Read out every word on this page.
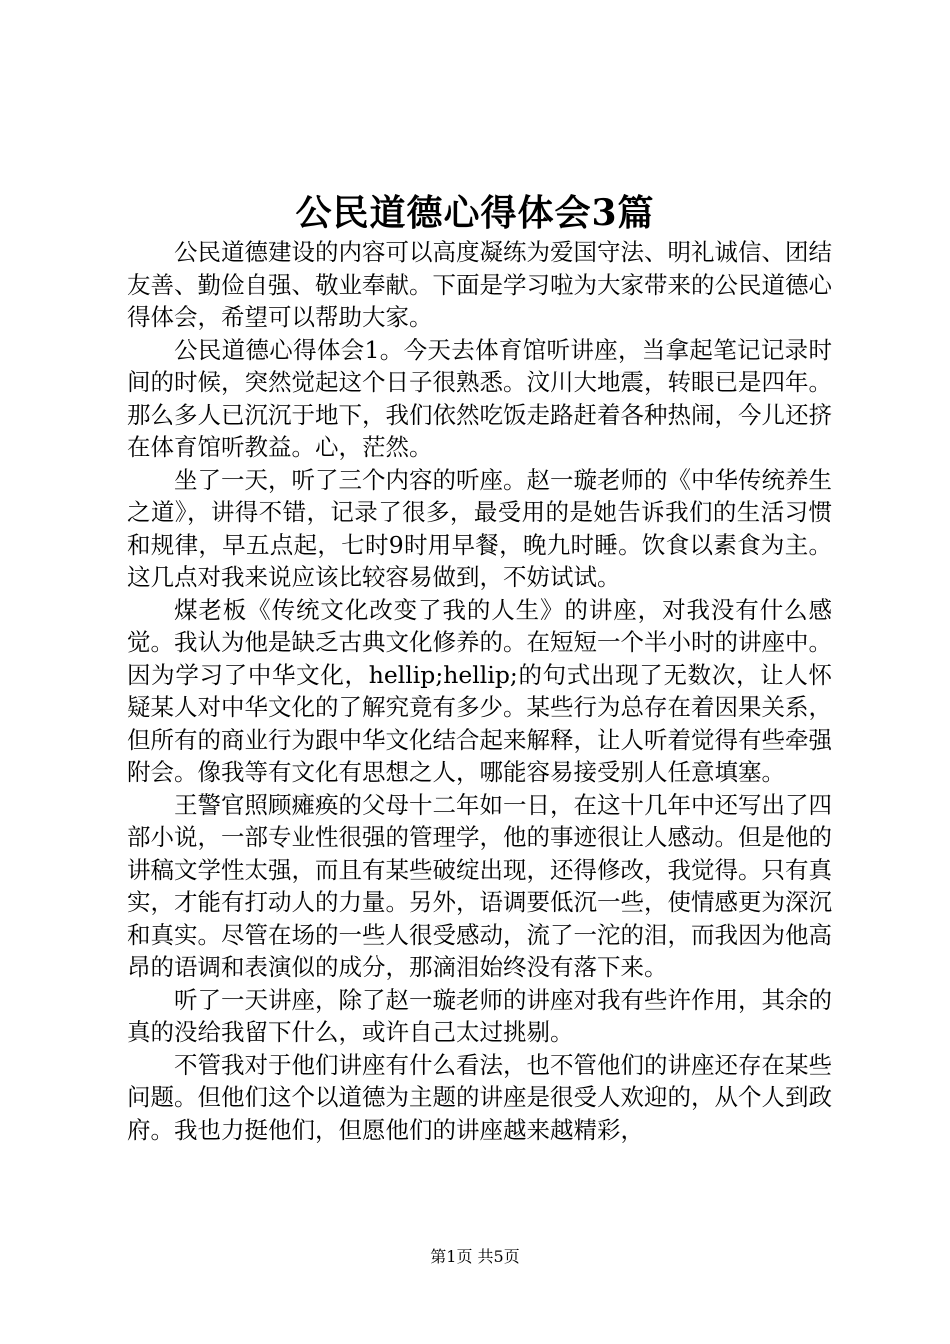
公民道德心得体会3篇

公民道德建设的内容可以高度凝练为爱国守法、明礼诚信、团结友善、勤俭自强、敬业奉献。下面是学习啦为大家带来的公民道德心得体会，希望可以帮助大家。

公民道德心得体会1。今天去体育馆听讲座，当拿起笔记记录时间的时候，突然觉起这个日子很熟悉。汶川大地震，转眼已是四年。那么多人已沉沉于地下，我们依然吃饭走路赶着各种热闹，今儿还挤在体育馆听教益。心，茫然。

坐了一天，听了三个内容的听座。赵一璇老师的《中华传统养生之道》，讲得不错，记录了很多，最受用的是她告诉我们的生活习惯和规律，早五点起，七时9时用早餐，晚九时睡。饮食以素食为主。这几点对我来说应该比较容易做到，不妨试试。

煤老板《传统文化改变了我的人生》的讲座，对我没有什么感觉。我认为他是缺乏古典文化修养的。在短短一个半小时的讲座中。因为学习了中华文化，hellip;hellip;的句式出现了无数次，让人怀疑某人对中华文化的了解究竟有多少。某些行为总存在着因果关系，但所有的商业行为跟中华文化结合起来解释，让人听着觉得有些牵强附会。像我等有文化有思想之人，哪能容易接受别人任意填塞。

王警官照顾瘫痪的父母十二年如一日，在这十几年中还写出了四部小说，一部专业性很强的管理学，他的事迹很让人感动。但是他的讲稿文学性太强，而且有某些破绽出现，还得修改，我觉得。只有真实，才能有打动人的力量。另外，语调要低沉一些，使情感更为深沉和真实。尽管在场的一些人很受感动，流了一沱的泪，而我因为他高昂的语调和表演似的成分，那滴泪始终没有落下来。

听了一天讲座，除了赵一璇老师的讲座对我有些许作用，其余的真的没给我留下什么，或许自己太过挑剔。

不管我对于他们讲座有什么看法，也不管他们的讲座还存在某些问题。但他们这个以道德为主题的讲座是很受人欢迎的，从个人到政府。我也力挺他们，但愿他们的讲座越来越精彩，

第1页 共5页
